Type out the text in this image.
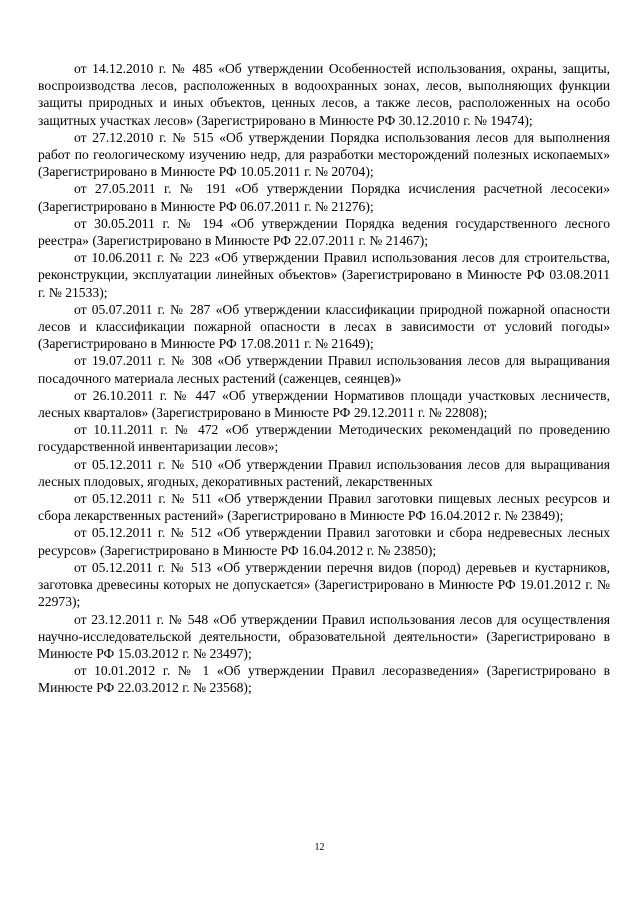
от 14.12.2010 г. № 485 «Об утверждении Особенностей использования, охраны, защиты, воспроизводства лесов, расположенных в водоохранных зонах, лесов, выполняющих функции защиты природных и иных объектов, ценных лесов, а также лесов, расположенных на особо защитных участках лесов» (Зарегистрировано в Минюсте РФ 30.12.2010 г. № 19474);

от 27.12.2010 г. № 515 «Об утверждении Порядка использования лесов для выполнения работ по геологическому изучению недр, для разработки месторождений полезных ископаемых» (Зарегистрировано в Минюсте РФ 10.05.2011 г. № 20704);

от 27.05.2011 г. № 191 «Об утверждении Порядка исчисления расчетной лесосеки» (Зарегистрировано в Минюсте РФ 06.07.2011 г. № 21276);

от 30.05.2011 г. № 194 «Об утверждении Порядка ведения государственного лесного реестра» (Зарегистрировано в Минюсте РФ 22.07.2011 г. № 21467);

от 10.06.2011 г. № 223 «Об утверждении Правил использования лесов для строительства, реконструкции, эксплуатации линейных объектов» (Зарегистрировано в Минюсте РФ 03.08.2011 г. № 21533);

от 05.07.2011 г. № 287 «Об утверждении классификации природной пожарной опасности лесов и классификации пожарной опасности в лесах в зависимости от условий погоды» (Зарегистрировано в Минюсте РФ 17.08.2011 г. № 21649);

от 19.07.2011 г. № 308 «Об утверждении Правил использования лесов для выращивания посадочного материала лесных растений (саженцев, сеянцев)»

от 26.10.2011 г. № 447 «Об утверждении Нормативов площади участковых лесничеств, лесных кварталов» (Зарегистрировано в Минюсте РФ 29.12.2011 г. № 22808);

от 10.11.2011 г. № 472 «Об утверждении Методических рекомендаций по проведению государственной инвентаризации лесов»;

от 05.12.2011 г. № 510 «Об утверждении Правил использования лесов для выращивания лесных плодовых, ягодных, декоративных растений, лекарственных

от 05.12.2011 г. № 511 «Об утверждении Правил заготовки пищевых лесных ресурсов и сбора лекарственных растений» (Зарегистрировано в Минюсте РФ 16.04.2012 г. № 23849);

от 05.12.2011 г. № 512 «Об утверждении Правил заготовки и сбора недревесных лесных ресурсов» (Зарегистрировано в Минюсте РФ 16.04.2012 г. № 23850);

от 05.12.2011 г. № 513 «Об утверждении перечня видов (пород) деревьев и кустарников, заготовка древесины которых не допускается» (Зарегистрировано в Минюсте РФ 19.01.2012 г. № 22973);

от 23.12.2011 г. № 548 «Об утверждении Правил использования лесов для осуществления научно-исследовательской деятельности, образовательной деятельности» (Зарегистрировано в Минюсте РФ 15.03.2012 г. № 23497);

от 10.01.2012 г. № 1 «Об утверждении Правил лесоразведения» (Зарегистрировано в Минюсте РФ 22.03.2012 г. № 23568);

12
